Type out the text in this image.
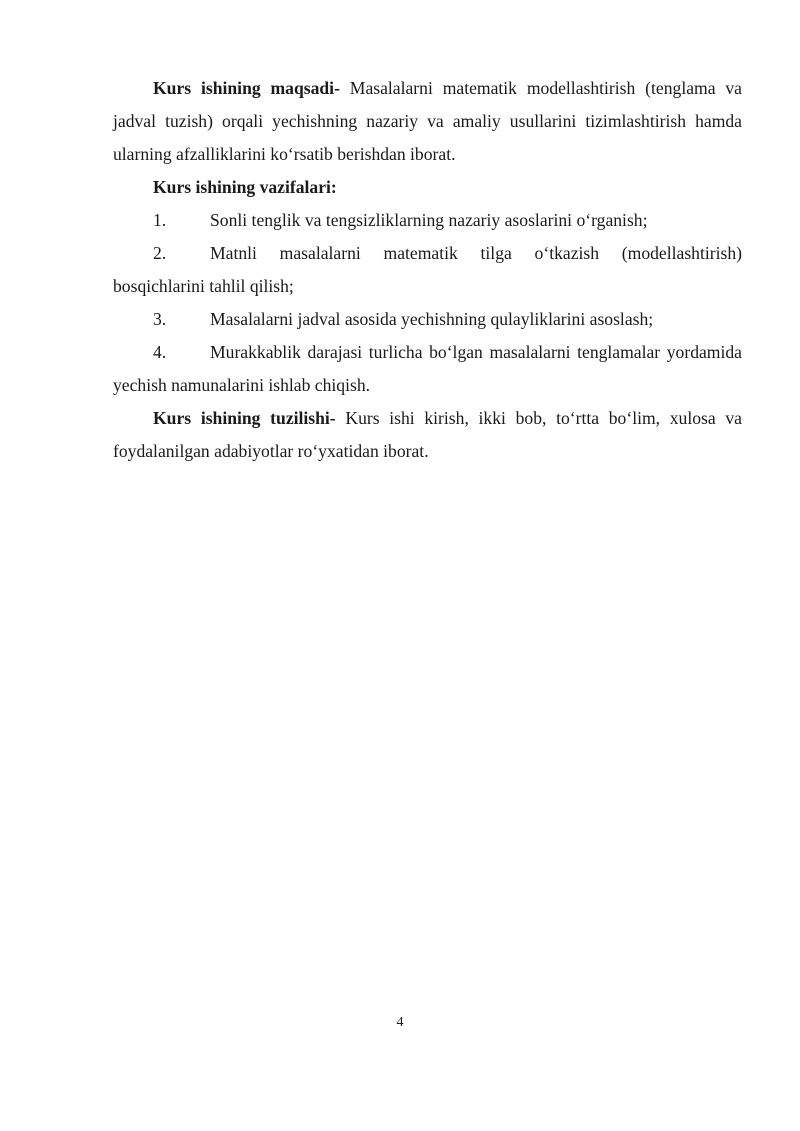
Kurs ishining maqsadi- Masalalarni matematik modellashtirish (tenglama va jadval tuzish) orqali yechishning nazariy va amaliy usullarini tizimlashtirish hamda ularning afzalliklarini ko‘rsatib berishdan iborat.

Kurs ishining vazifalari:

1. Sonli tenglik va tengsizliklarning nazariy asoslarini o‘rganish;

2. Matnli masalalarni matematik tilga o‘tkazish (modellashtirish) bosqichlarini tahlil qilish;

3. Masalalarni jadval asosida yechishning qulayliklarini asoslash;

4. Murakkablik darajasi turlicha bo‘lgan masalalarni tenglamalar yordamida yechish namunalarini ishlab chiqish.

Kurs ishining tuzilishi- Kurs ishi kirish, ikki bob, to‘rtta bo‘lim, xulosa va foydalanilgan adabiyotlar ro‘yxatidan iborat.

4
